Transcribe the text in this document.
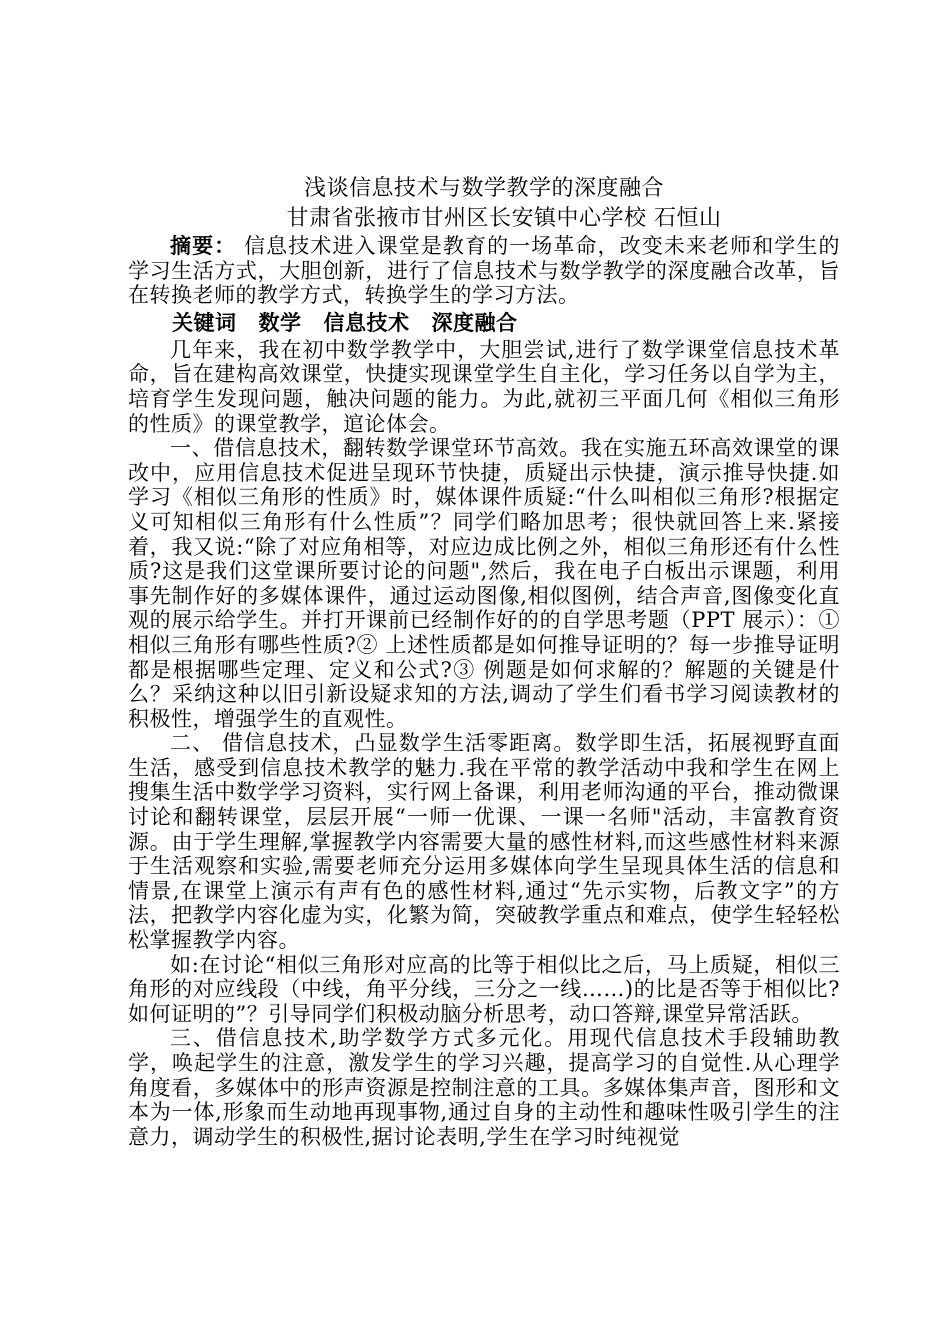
浅谈信息技术与数学教学的深度融合
甘肃省张掖市甘州区长安镇中心学校 石恒山

摘要： 信息技术进入课堂是教育的一场革命，改变未来老师和学生的学习生活方式，大胆创新，进行了信息技术与数学教学的深度融合改革，旨在转换老师的教学方式，转换学生的学习方法。

关键词 数学 信息技术 深度融合

几年来，我在初中数学教学中，大胆尝试,进行了数学课堂信息技术革命，旨在建构高效课堂，快捷实现课堂学生自主化，学习任务以自学为主，培育学生发现问题，触决问题的能力。为此,就初三平面几何《相似三角形的性质》的课堂教学，逭论体会。

一、借信息技术，翻转数学课堂环节高效。我在实施五环高效课堂的课改中，应用信息技术促进呈现环节快捷，质疑出示快捷，演示推导快捷.如学习《相似三角形的性质》时，媒体课件质疑:“什么叫相似三角形?根据定义可知相似三角形有什么性质”？同学们略加思考；很快就回答上来.紧接着，我又说:“除了对应角相等，对应边成比例之外，相似三角形还有什么性质?这是我们这堂课所要讨论的问题",然后，我在电子白板出示课题，利用事先制作好的多媒体课件，通过运动图像,相似图例，结合声音,图像变化直观的展示给学生。并打开课前已经制作好的的自学思考题（PPT 展示）：①相似三角形有哪些性质?② 上述性质都是如何推导证明的？每一步推导证明都是根据哪些定理、定义和公式?③ 例题是如何求解的？解题的关键是什么？采纳这种以旧引新设疑求知的方法,调动了学生们看书学习阅读教材的积极性，增强学生的直观性。

二、 借信息技术，凸显数学生活零距离。数学即生活，拓展视野直面生活，感受到信息技术教学的魅力.我在平常的教学活动中我和学生在网上搜集生活中数学学习资料，实行网上备课，利用老师沟通的平台，推动微课讨论和翻转课堂，层层开展“一师一优课、一课一名师"活动，丰富教育资源。由于学生理解,掌握教学内容需要大量的感性材料,而这些感性材料来源于生活观察和实验,需要老师充分运用多媒体向学生呈现具体生活的信息和情景,在课堂上演示有声有色的感性材料,通过“先示实物，后教文字”的方法，把教学内容化虚为实，化繁为简，突破教学重点和难点，使学生轻轻松松掌握教学内容。

如:在讨论“相似三角形对应高的比等于相似比之后，马上质疑，相似三角形的对应线段（中线，角平分线，三分之一线……)的比是否等于相似比?如何证明的”？引导同学们积极动脑分析思考，动口答辩,课堂异常活跃。

三、借信息技术,助学数学方式多元化。用现代信息技术手段辅助教学，唤起学生的注意，激发学生的学习兴趣，提高学习的自觉性.从心理学角度看，多媒体中的形声资源是控制注意的工具。多媒体集声音，图形和文本为一体,形象而生动地再现事物,通过自身的主动性和趣味性吸引学生的注意力，调动学生的积极性,据讨论表明,学生在学习时纯视觉
